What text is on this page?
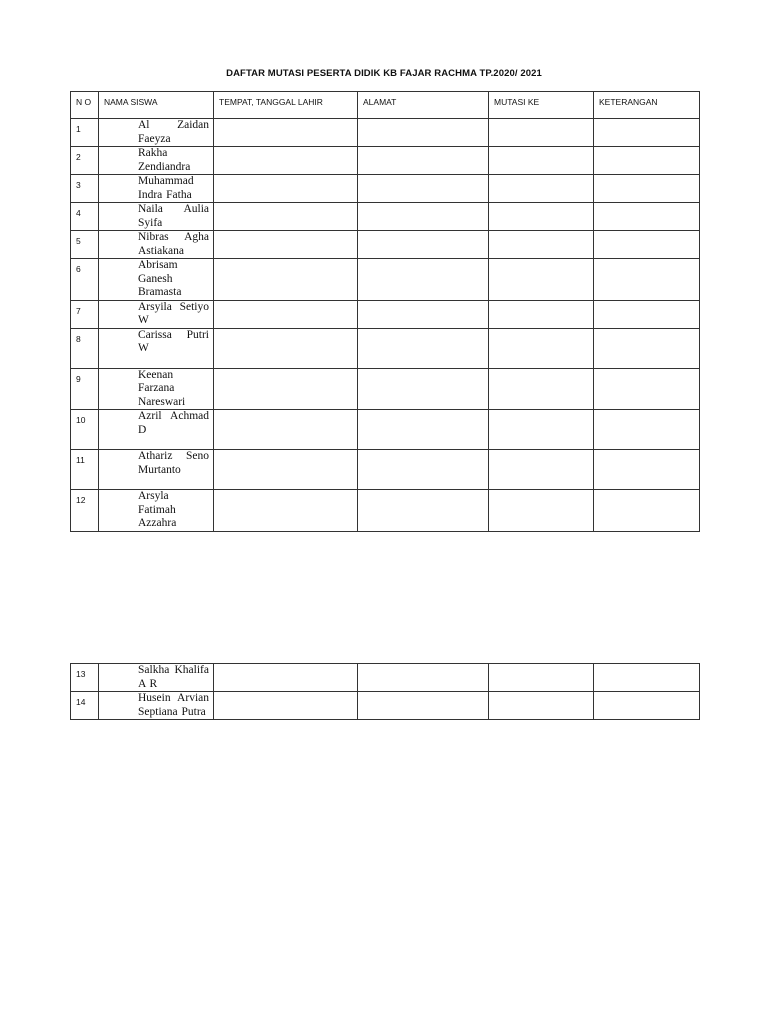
DAFTAR MUTASI PESERTA DIDIK KB FAJAR RACHMA TP.2020/ 2021
N O	NAMA SISWA	TEMPAT, TANGGAL LAHIR	ALAMAT	MUTASI KE	KETERANGAN
1	Al Zaidan Faeyza				
2	Rakha Zendiandra				
3	Muhammad Indra Fatha				
4	Naila Aulia Syifa				
5	Nibras Agha Astiakana				
6	Abrisam Ganesh Bramasta				
7	Arsyila Setiyo W				
8	Carissa Putri W				
9	Keenan Farzana Nareswari				
10	Azril Achmad D				
11	Athariz Seno Murtanto				
12	Arsyla Fatimah Azzahra				
13	Salkha Khalifa A R				
14	Husein Arvian Septiana Putra				
